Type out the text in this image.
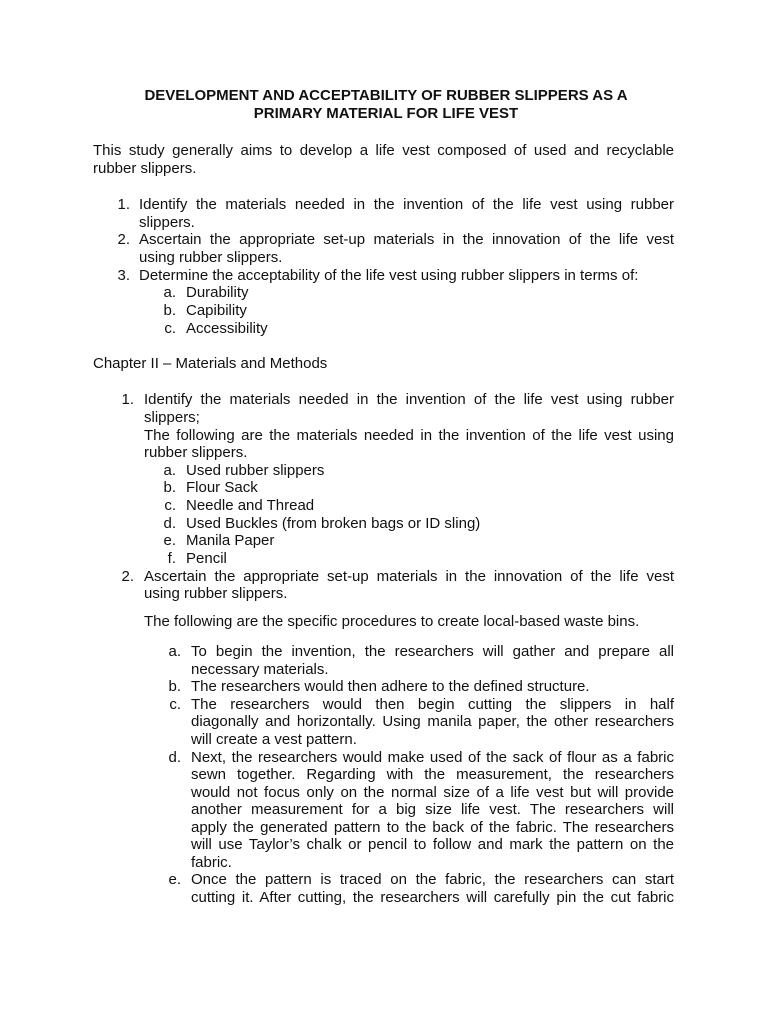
DEVELOPMENT AND ACCEPTABILITY OF RUBBER SLIPPERS AS A

PRIMARY MATERIAL FOR LIFE VEST

This study generally aims to develop a life vest composed of used and recyclable

rubber slippers.

1. Identify the materials needed in the invention of the life vest using rubber

slippers.

2. Ascertain the appropriate set-up materials in the innovation of the life vest

using rubber slippers.

3. Determine the acceptability of the life vest using rubber slippers in terms of:

a. Durability

b. Capibility

c. Accessibility

Chapter II – Materials and Methods

1. Identify the materials needed in the invention of the life vest using rubber

slippers;

The following are the materials needed in the invention of the life vest using

rubber slippers.

a. Used rubber slippers

b. Flour Sack

c. Needle and Thread

d. Used Buckles (from broken bags or ID sling)

e. Manila Paper

f. Pencil

2. Ascertain the appropriate set-up materials in the innovation of the life vest

using rubber slippers.

The following are the specific procedures to create local-based waste bins.

a. To begin the invention, the researchers will gather and prepare all

necessary materials.

b. The researchers would then adhere to the defined structure.

c. The researchers would then begin cutting the slippers in half

diagonally and horizontally. Using manila paper, the other researchers

will create a vest pattern.

d. Next, the researchers would make used of the sack of flour as a fabric

sewn together. Regarding with the measurement, the researchers

would not focus only on the normal size of a life vest but will provide

another measurement for a big size life vest. The researchers will

apply the generated pattern to the back of the fabric. The researchers

will use Taylor’s chalk or pencil to follow and mark the pattern on the

fabric.

e. Once the pattern is traced on the fabric, the researchers can start

cutting it. After cutting, the researchers will carefully pin the cut fabric
